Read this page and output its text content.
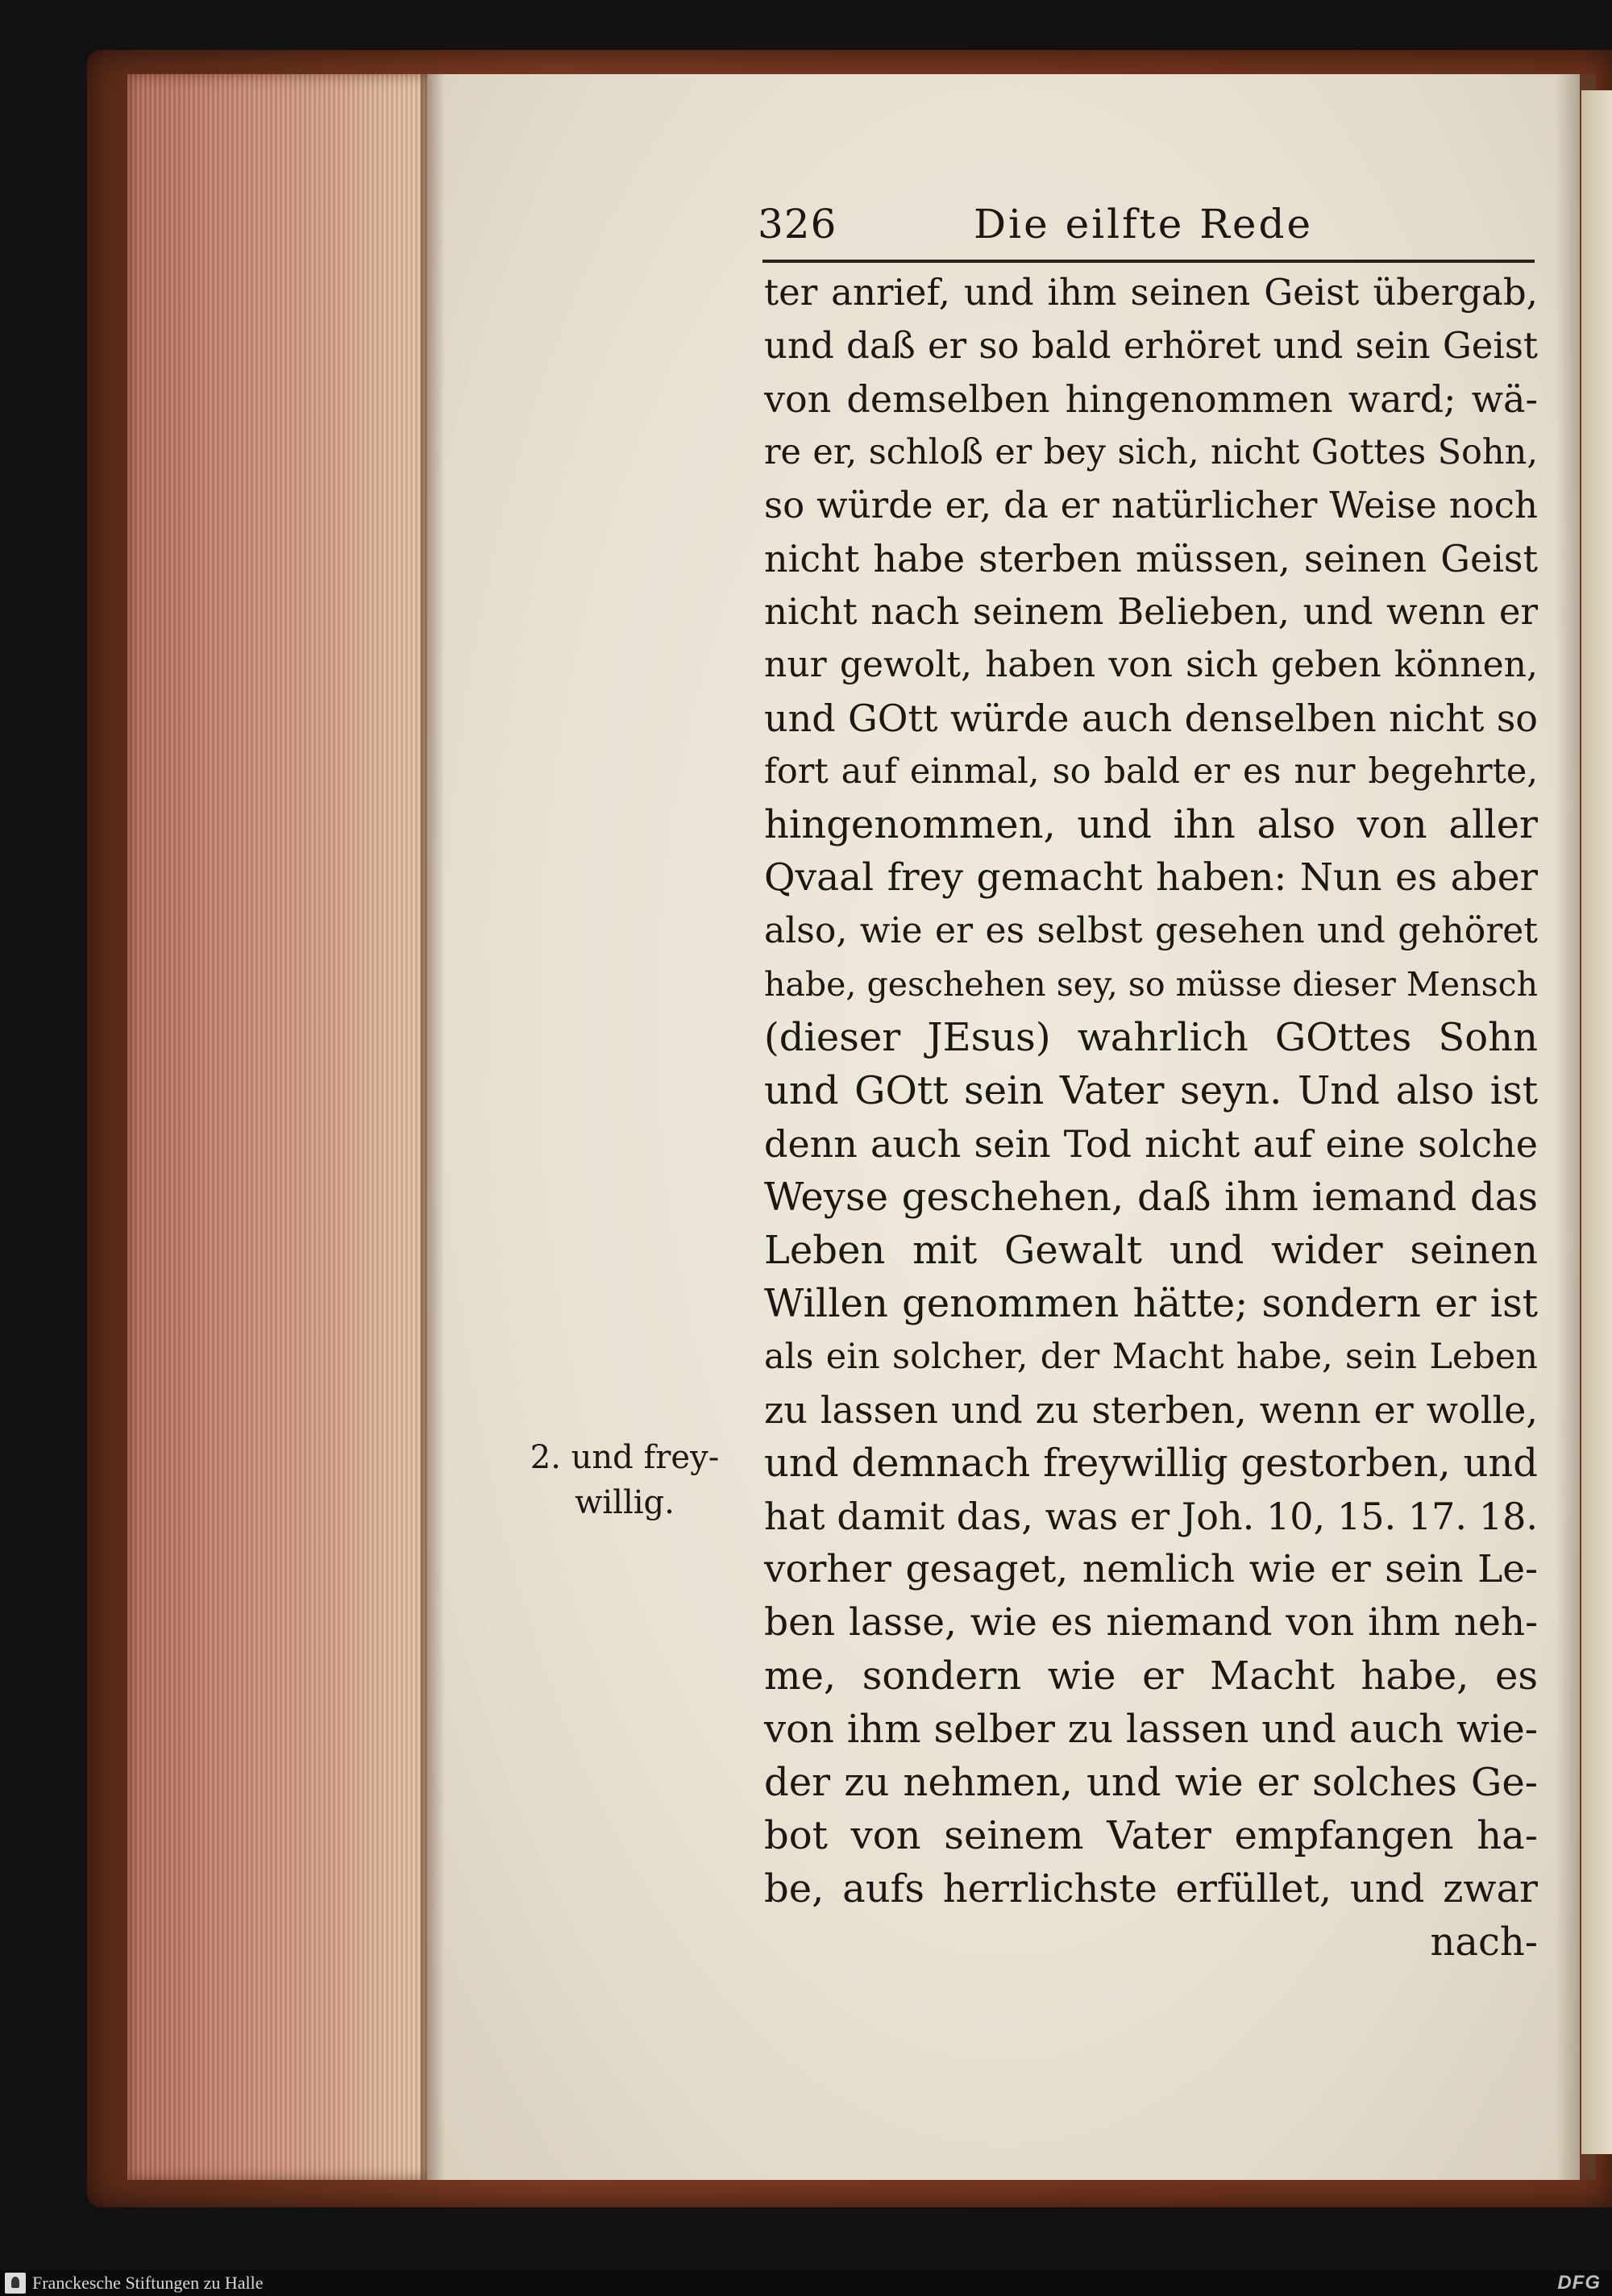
326	Die eilfte Rede
ter anrief, und ihm seinen Geist übergab,
und daß er so bald erhöret und sein Geist
von demselben hingenommen ward; wä-
re er, schloß er bey sich, nicht Gottes Sohn,
so würde er, da er natürlicher Weise noch
nicht habe sterben müssen, seinen Geist
nicht nach seinem Belieben, und wenn er
nur gewolt, haben von sich geben können,
und GOtt würde auch denselben nicht so
fort auf einmal, so bald er es nur begehrte,
hingenommen, und ihn also von aller
Qvaal frey gemacht haben: Nun es aber
also, wie er es selbst gesehen und gehöret
habe, geschehen sey, so müsse dieser Mensch
(dieser JEsus) wahrlich GOttes Sohn
und GOtt sein Vater seyn. Und also ist
denn auch sein Tod nicht auf eine solche
Weyse geschehen, daß ihm iemand das
Leben mit Gewalt und wider seinen
Willen genommen hätte; sondern er ist
als ein solcher, der Macht habe, sein Leben
zu lassen und zu sterben, wenn er wolle,
und demnach freywillig gestorben, und
hat damit das, was er Joh. 10, 15. 17. 18.
vorher gesaget, nemlich wie er sein Le-
ben lasse, wie es niemand von ihm neh-
me, sondern wie er Macht habe, es
von ihm selber zu lassen und auch wie-
der zu nehmen, und wie er solches Ge-
bot von seinem Vater empfangen ha-
be, aufs herrlichste erfüllet, und zwar
nach-
2. und frey-
willig.
Franckesche Stiftungen zu Halle	DFG
